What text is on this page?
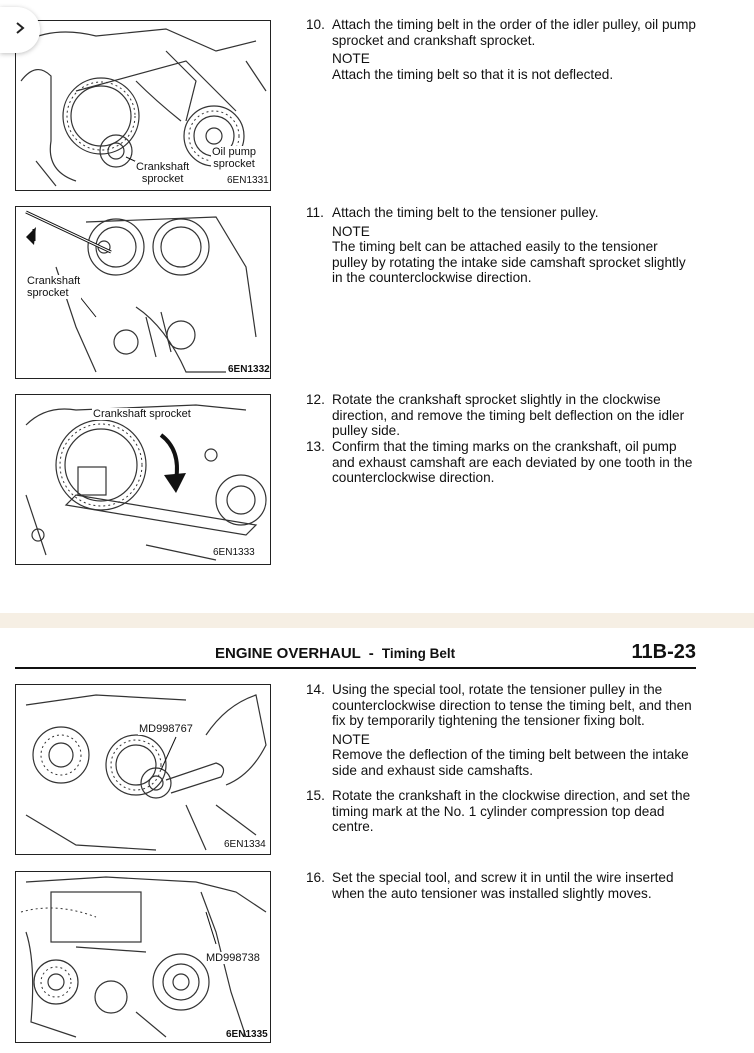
Crankshaft
sprocket
Oil pump
sprocket
6EN1331
Crankshaft
sprocket
6EN1332
Crankshaft sprocket
6EN1333
10. Attach the timing belt in the order of the idler pulley, oil pump sprocket and crankshaft sprocket.
NOTE
Attach the timing belt so that it is not deflected.
11. Attach the timing belt to the tensioner pulley.
NOTE
The timing belt can be attached easily to the tensioner pulley by rotating the intake side camshaft sprocket slightly in the counterclockwise direction.
12. Rotate the crankshaft sprocket slightly in the clockwise direction, and remove the timing belt deflection on the idler pulley side.
13. Confirm that the timing marks on the crankshaft, oil pump and exhaust camshaft are each deviated by one tooth in the counterclockwise direction.
ENGINE OVERHAUL - Timing Belt	11B-23
MD998767
6EN1334
MD998738
6EN1335
14. Using the special tool, rotate the tensioner pulley in the counterclockwise direction to tense the timing belt, and then fix by temporarily tightening the tensioner fixing bolt.
NOTE
Remove the deflection of the timing belt between the intake side and exhaust side camshafts.
15. Rotate the crankshaft in the clockwise direction, and set the timing mark at the No. 1 cylinder compression top dead centre.
16. Set the special tool, and screw it in until the wire inserted when the auto tensioner was installed slightly moves.
